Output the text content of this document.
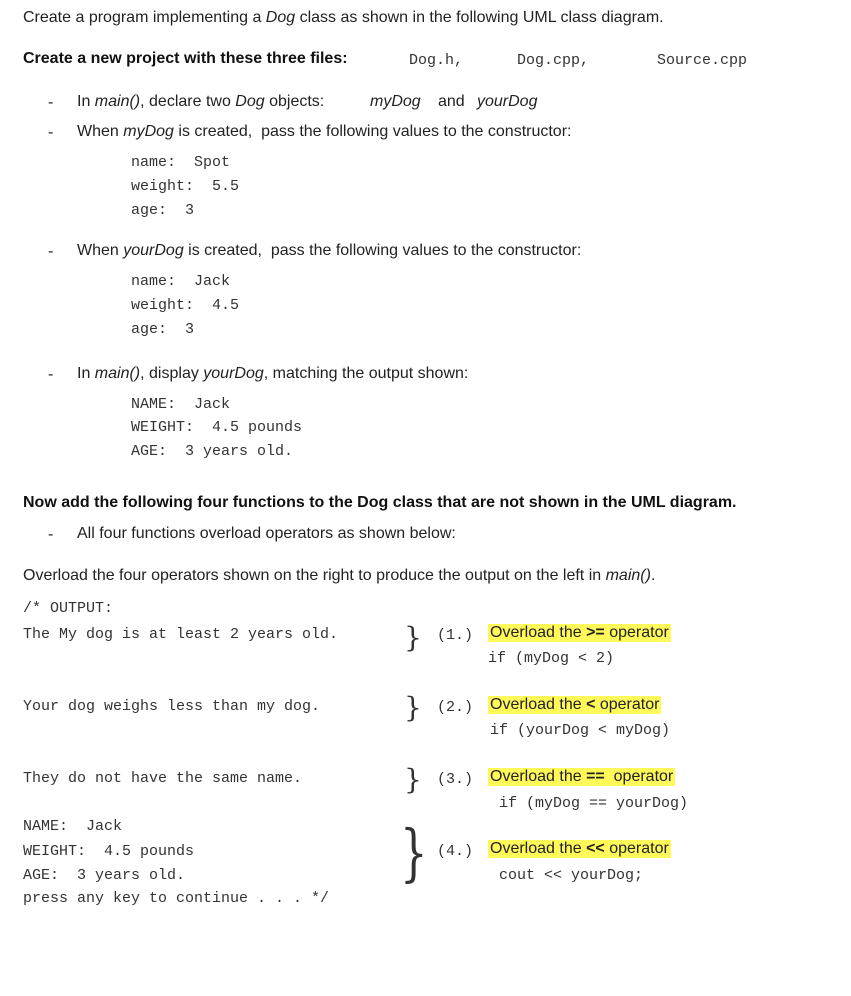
Create a program implementing a Dog class as shown in the following UML class diagram.
Create a new project with these three files:	Dog.h,	Dog.cpp,	Source.cpp
- In main(), declare two Dog objects:	myDog and yourDog
- When myDog is created,  pass the following values to the constructor:
name:  Spot
weight:  5.5
age:  3
- When yourDog is created,  pass the following values to the constructor:
name:  Jack
weight:  4.5
age:  3
- In main(), display yourDog, matching the output shown:
NAME:  Jack
WEIGHT:  4.5 pounds
AGE:  3 years old.
Now add the following four functions to the Dog class that are not shown in the UML diagram.
- All four functions overload operators as shown below:
Overload the four operators shown on the right to produce the output on the left in main().
/* OUTPUT:
The My dog is at least 2 years old.
Your dog weighs less than my dog.
They do not have the same name.
NAME:  Jack
WEIGHT:  4.5 pounds
AGE:  3 years old.
press any key to continue . . . */
}
}
}
}
(1.) Overload the >= operator
if (myDog < 2)
(2.) Overload the < operator
if (yourDog < myDog)
(3.) Overload the ==  operator
if (myDog == yourDog)
(4.) Overload the << operator
cout << yourDog;
